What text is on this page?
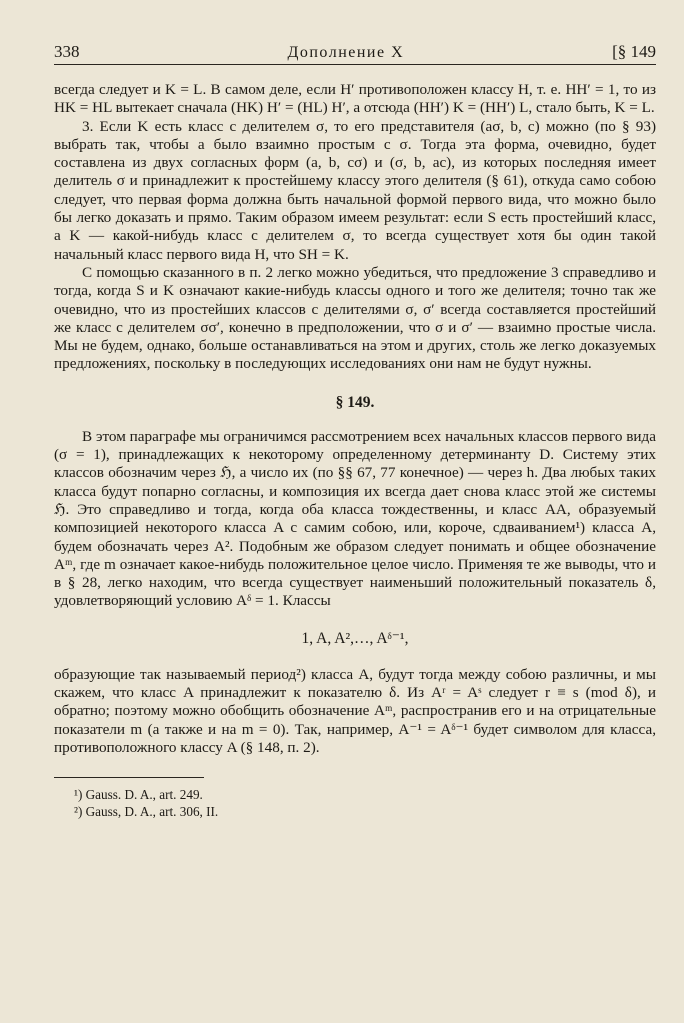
338	Дополнение X	[§ 149

всегда следует и K = L. В самом деле, если H′ противоположен классу H, т. е. HH′ = 1, то из HK = HL вытекает сначала (HK) H′ = (HL) H′, а отсюда (HH′) K = (HH′) L, стало быть, K = L.

3. Если K есть класс с делителем σ, то его представителя (aσ, b, c) можно (по § 93) выбрать так, чтобы a было взаимно простым с σ. Тогда эта форма, очевидно, будет составлена из двух согласных форм (a, b, cσ) и (σ, b, ac), из которых последняя имеет делитель σ и принадлежит к простейшему классу этого делителя (§ 61), откуда само собою следует, что первая форма должна быть начальной формой первого вида, что можно было бы легко доказать и прямо. Таким образом имеем результат: если S есть простейший класс, а K — какой-нибудь класс с делителем σ, то всегда существует хотя бы один такой начальный класс первого вида H, что SH = K.

С помощью сказанного в п. 2 легко можно убедиться, что предложение 3 справедливо и тогда, когда S и K означают какие-нибудь классы одного и того же делителя; точно так же очевидно, что из простейших классов с делителями σ, σ′ всегда составляется простейший же класс с делителем σσ′, конечно в предположении, что σ и σ′ — взаимно простые числа. Мы не будем, однако, больше останавливаться на этом и других, столь же легко доказуемых предложениях, поскольку в последующих исследованиях они нам не будут нужны.

§ 149.

В этом параграфе мы ограничимся рассмотрением всех начальных классов первого вида (σ = 1), принадлежащих к некоторому определенному детерминанту D. Систему этих классов обозначим через ℌ, а число их (по §§ 67, 77 конечное) — через h. Два любых таких класса будут попарно согласны, и композиция их всегда дает снова класс этой же системы ℌ. Это справедливо и тогда, когда оба класса тождественны, и класс AA, образуемый композицией некоторого класса A с самим собою, или, короче, сдваиванием¹) класса A, будем обозначать через A². Подобным же образом следует понимать и общее обозначение Aᵐ, где m означает какое-нибудь положительное целое число. Применяя те же выводы, что и в § 28, легко находим, что всегда существует наименьший положительный показатель δ, удовлетворяющий условию Aᵟ = 1. Классы

1, A, A²,…, Aᵟ⁻¹,

образующие так называемый период²) класса A, будут тогда между собою различны, и мы скажем, что класс A принадлежит к показателю δ. Из Aʳ = Aˢ следует r ≡ s (mod δ), и обратно; поэтому можно обобщить обозначение Aᵐ, распространив его и на отрицательные показатели m (а также и на m = 0). Так, например, A⁻¹ = Aᵟ⁻¹ будет символом для класса, противоположного классу A (§ 148, п. 2).

¹) Gauss. D. A., art. 249.

²) Gauss, D. A., art. 306, II.
